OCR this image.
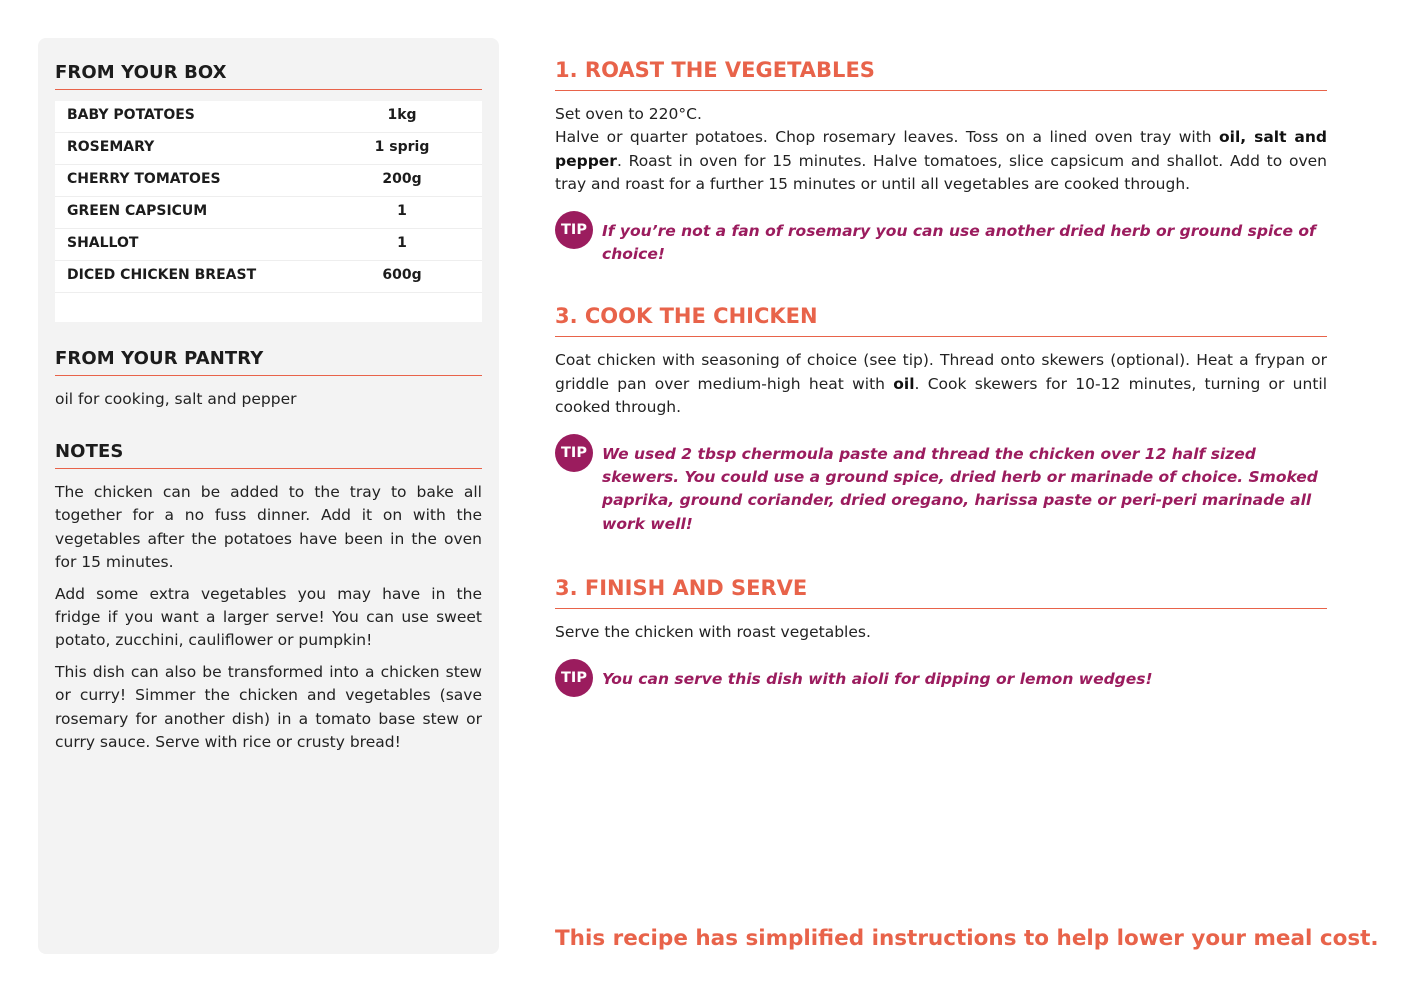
FROM YOUR BOX
BABY POTATOES	1kg
ROSEMARY	1 sprig
CHERRY TOMATOES	200g
GREEN CAPSICUM	1
SHALLOT	1
DICED CHICKEN BREAST	600g
FROM YOUR PANTRY
oil for cooking, salt and pepper
NOTES

The chicken can be added to the tray to bake all together for a no fuss dinner. Add it on with the vegetables after the potatoes have been in the oven for 15 minutes.

Add some extra vegetables you may have in the fridge if you want a larger serve! You can use sweet potato, zucchini, cauliflower or pumpkin!

This dish can also be transformed into a chicken stew or curry! Simmer the chicken and vegetables (save rosemary for another dish) in a tomato base stew or curry sauce. Serve with rice or crusty bread!

1. ROAST THE VEGETABLES
Set oven to 220°C.
Halve or quarter potatoes. Chop rosemary leaves. Toss on a lined oven tray with oil, salt and pepper. Roast in oven for 15 minutes. Halve tomatoes, slice capsicum and shallot. Add to oven tray and roast for a further 15 minutes or until all vegetables are cooked through.
TIP If you’re not a fan of rosemary you can use another dried herb or ground spice of choice!
3. COOK THE CHICKEN
Coat chicken with seasoning of choice (see tip). Thread onto skewers (optional). Heat a frypan or griddle pan over medium-high heat with oil. Cook skewers for 10-12 minutes, turning or until cooked through.
TIP We used 2 tbsp chermoula paste and thread the chicken over 12 half sized skewers. You could use a ground spice, dried herb or marinade of choice. Smoked paprika, ground coriander, dried oregano, harissa paste or peri-peri marinade all work well!
3. FINISH AND SERVE
Serve the chicken with roast vegetables.
TIP You can serve this dish with aioli for dipping or lemon wedges!
This recipe has simplified instructions to help lower your meal cost.
